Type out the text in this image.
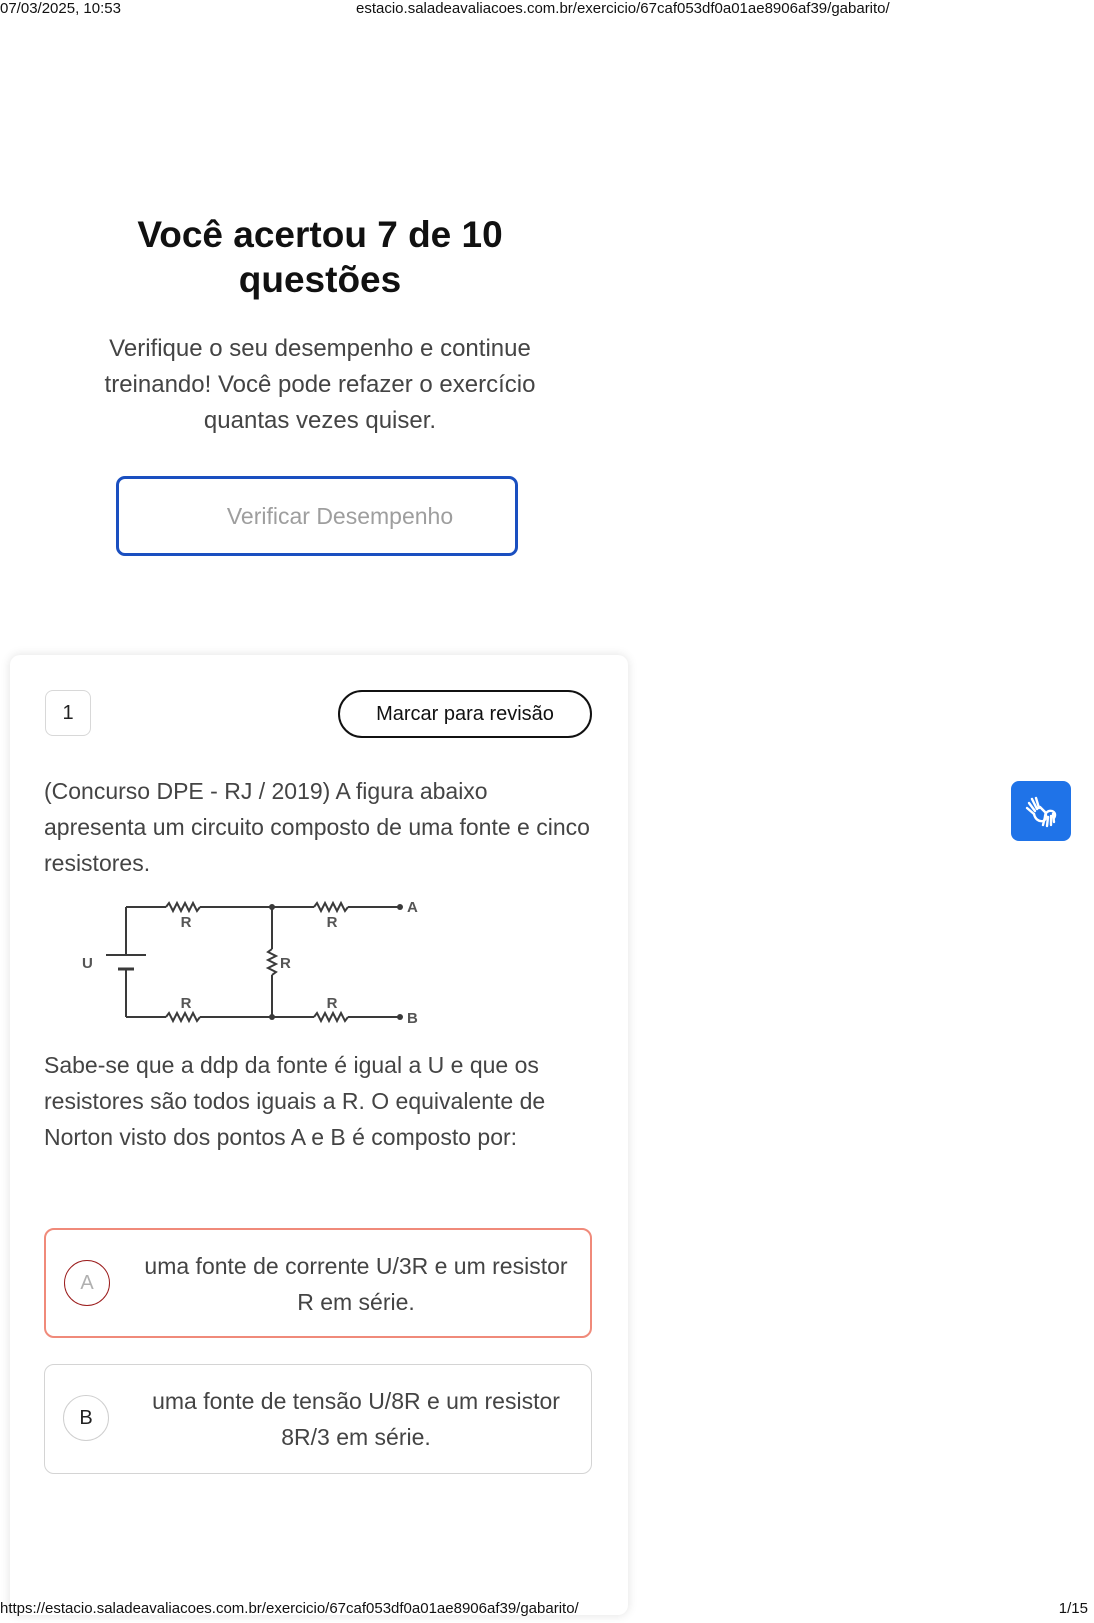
07/03/2025, 10:53	estacio.saladeavaliacoes.com.br/exercicio/67caf053df0a01ae8906af39/gabarito/
Você acertou 7 de 10 questões
Verifique o seu desempenho e continue treinando! Você pode refazer o exercício quantas vezes quiser.
Verificar Desempenho
1	Marcar para revisão
(Concurso DPE - RJ / 2019) A figura abaixo apresenta um circuito composto de uma fonte e cinco resistores.
R	R
R	R
R
U
A
B
Sabe-se que a ddp da fonte é igual a U e que os resistores são todos iguais a R. O equivalente de Norton visto dos pontos A e B é composto por:
A
uma fonte de corrente U/3R e um resistor R em série.
B
uma fonte de tensão U/8R e um resistor 8R/3 em série.
https://estacio.saladeavaliacoes.com.br/exercicio/67caf053df0a01ae8906af39/gabarito/	1/15
